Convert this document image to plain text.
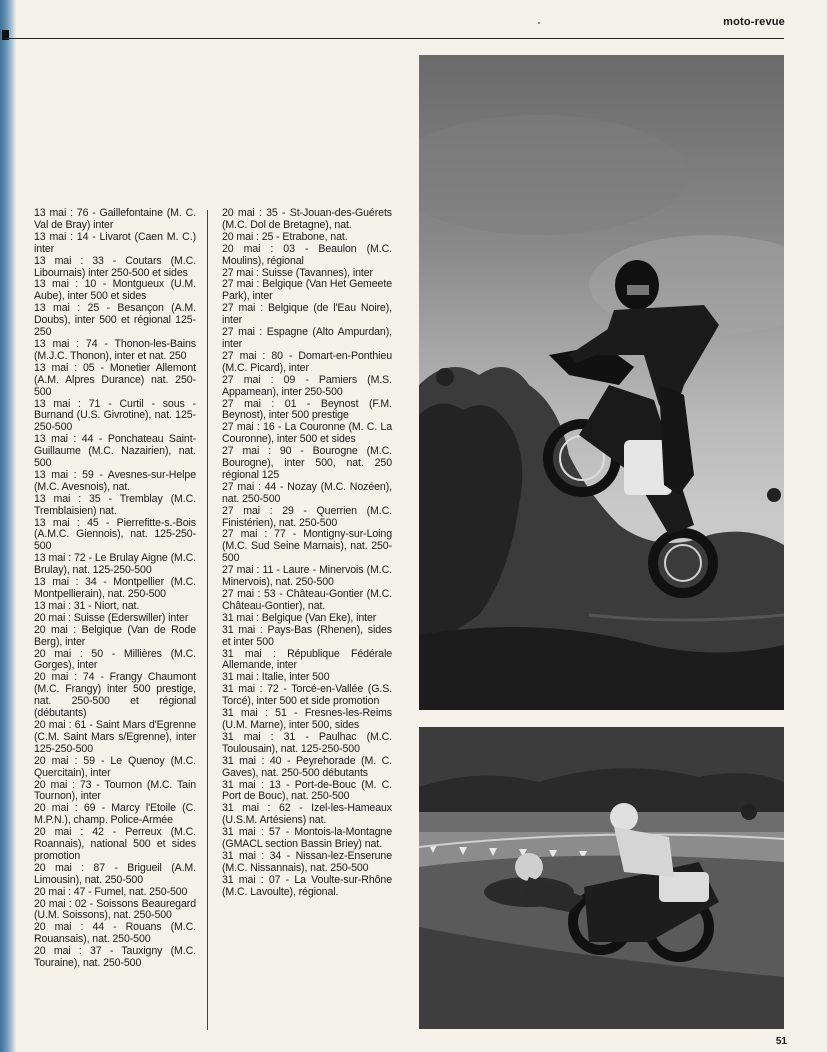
moto-revue

13 mai : 76 - Gaillefontaine (M. C. Val de Bray) inter

13 mai : 14 - Livarot (Caen M. C.) inter

13 mai : 33 - Coutars (M.C. Libournais) inter 250-500 et sides

13 mai : 10 - Montgueux (U.M. Aube), inter 500 et sides

13 mai : 25 - Besançon (A.M. Doubs), inter 500 et régional 125-250

13 mai : 74 - Thonon-les-Bains (M.J.C. Thonon), inter et nat. 250

13 mai : 05 - Monetier Allemont (A.M. Alpres Durance) nat. 250-500

13 mai : 71 - Curtil - sous - Burnand (U.S. Givrotine), nat. 125-250-500

13 mai : 44 - Ponchateau Saint-Guillaume (M.C. Nazairien), nat. 500

13 mai : 59 - Avesnes-sur-Helpe (M.C. Avesnois), nat.

13 mai : 35 - Tremblay (M.C. Tremblaisien) nat.

13 mai : 45 - Pierrefitte-s.-Bois (A.M.C. Giennois), nat. 125-250-500

13 mai : 72 - Le Brulay Aigne (M.C. Brulay), nat. 125-250-500

13 mai : 34 - Montpellier (M.C. Montpellierain), nat. 250-500

13 mai : 31 - Niort, nat.

20 mai : Suisse (Ederswiller) inter

20 mai : Belgique (Van de Rode Berg), inter

20 mai : 50 - Millières (M.C. Gorges), inter

20 mai : 74 - Frangy Chaumont (M.C. Frangy) inter 500 prestige, nat. 250-500 et régional (débutants)

20 mai : 61 - Saint Mars d'Egrenne (C.M. Saint Mars s/Egrenne), inter 125-250-500

20 mai : 59 - Le Quenoy (M.C. Quercitain), inter

20 mai : 73 - Tournon (M.C. Tain Tournon), inter

20 mai : 69 - Marcy l'Etoile (C. M.P.N.), champ. Police-Armée

20 mai : 42 - Perreux (M.C. Roannais), national 500 et sides promotion

20 mai : 87 - Brigueil (A.M. Limousin), nat. 250-500

20 mai : 47 - Fumel, nat. 250-500

20 mai : 02 - Soissons Beauregard (U.M. Soissons), nat. 250-500

20 mai : 44 - Rouans (M.C. Rouansais), nat. 250-500

20 mai : 37 - Tauxigny (M.C. Touraine), nat. 250-500

20 mai : 35 - St-Jouan-des-Guérets (M.C. Dol de Bretagne), nat.

20 mai : 25 - Etrabone, nat.

20 mai : 03 - Beaulon (M.C. Moulins), régional

27 mai : Suisse (Tavannes), inter

27 mai : Belgique (Van Het Gemeete Park), inter

27 mai : Belgique (de l'Eau Noire), inter

27 mai : Espagne (Alto Ampurdan), inter

27 mai : 80 - Domart-en-Ponthieu (M.C. Picard), inter

27 mai : 09 - Pamiers (M.S. Appamean), inter 250-500

27 mai : 01 - Beynost (F.M. Beynost), inter 500 prestige

27 mai : 16 - La Couronne (M. C. La Couronne), inter 500 et sides

27 mai : 90 - Bourogne (M.C. Bourogne), inter 500, nat. 250 régional 125

27 mai : 44 - Nozay (M.C. Nozéen), nat. 250-500

27 mai : 29 - Querrien (M.C. Finistérien), nat. 250-500

27 mai : 77 - Montigny-sur-Loing (M.C. Sud Seine Marnais), nat. 250-500

27 mai : 11 - Laure - Minervois (M.C. Minervois), nat. 250-500

27 mai : 53 - Château-Gontier (M.C. Château-Gontier), nat.

31 mai : Belgique (Van Eke), inter

31 mai : Pays-Bas (Rhenen), sides et inter 500

31 mai : République Fédérale Allemande, inter

31 mai : Italie, inter 500

31 mai : 72 - Torcé-en-Vallée (G.S. Torcé), inter 500 et side promotion

31 mai : 51 - Fresnes-les-Reims (U.M. Marne), inter 500, sides

31 mai : 31 - Paulhac (M.C. Toulousain), nat. 125-250-500

31 mai : 40 - Peyrehorade (M. C. Gaves), nat. 250-500 débutants

31 mai : 13 - Port-de-Bouc (M. C. Port de Bouc), nat. 250-500

31 mai : 62 - Izel-les-Hameaux (U.S.M. Artésiens) nat.

31 mai : 57 - Montois-la-Montagne (GMACL section Bassin Briey) nat.

31 mai : 34 - Nissan-lez-Enserune (M.C. Nissannais), nat. 250-500

31 mai : 07 - La Voulte-sur-Rhône (M.C. Lavoulte), régional.

51
